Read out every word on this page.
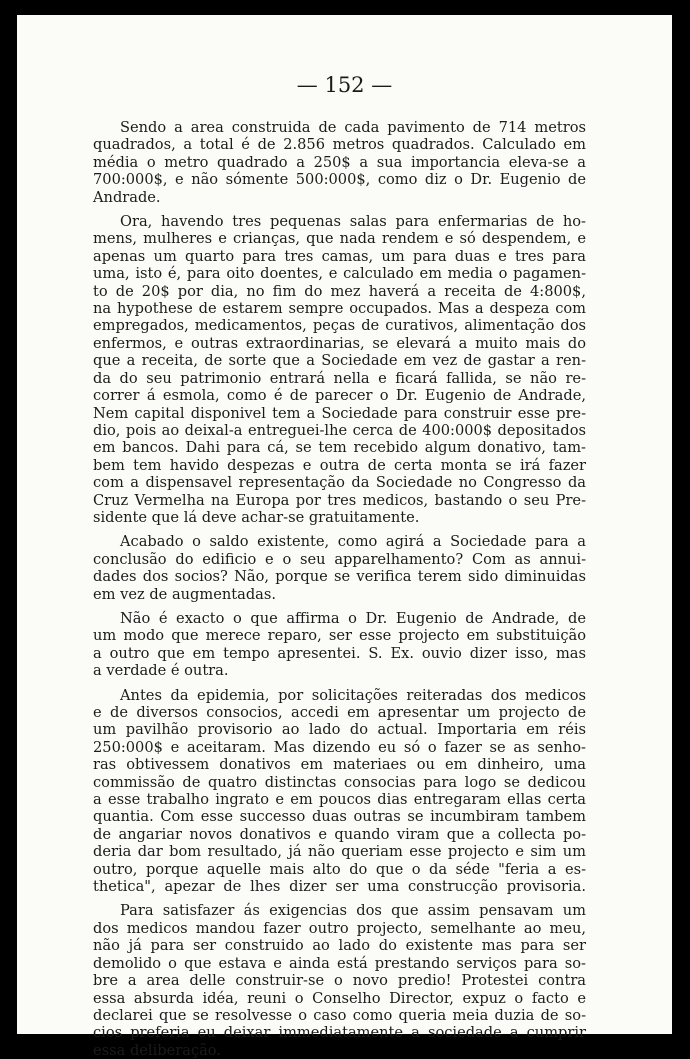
— 152 —
Sendo a area construida de cada pavimento de 714 metros
quadrados, a total é de 2.856 metros quadrados. Calculado em
média o metro quadrado a 250$ a sua importancia eleva-se a
700:000$, e não sómente 500:000$, como diz o Dr. Eugenio de
Andrade.
Ora, havendo tres pequenas salas para enfermarias de ho-
mens, mulheres e crianças, que nada rendem e só despendem, e
apenas um quarto para tres camas, um para duas e tres para
uma, isto é, para oito doentes, e calculado em media o pagamen-
to de 20$ por dia, no fim do mez haverá a receita de 4:800$,
na hypothese de estarem sempre occupados. Mas a despeza com
empregados, medicamentos, peças de curativos, alimentação dos
enfermos, e outras extraordinarias, se elevará a muito mais do
que a receita, de sorte que a Sociedade em vez de gastar a ren-
da do seu patrimonio entrará nella e ficará fallida, se não re-
correr á esmola, como é de parecer o Dr. Eugenio de Andrade,
Nem capital disponivel tem a Sociedade para construir esse pre-
dio, pois ao deixal-a entreguei-lhe cerca de 400:000$ depositados
em bancos. Dahi para cá, se tem recebido algum donativo, tam-
bem tem havido despezas e outra de certa monta se irá fazer
com a dispensavel representação da Sociedade no Congresso da
Cruz Vermelha na Europa por tres medicos, bastando o seu Pre-
sidente que lá deve achar-se gratuitamente.
Acabado o saldo existente, como agirá a Sociedade para a
conclusão do edificio e o seu apparelhamento? Com as annui-
dades dos socios? Não, porque se verifica terem sido diminuidas
em vez de augmentadas.
Não é exacto o que affirma o Dr. Eugenio de Andrade, de
um modo que merece reparo, ser esse projecto em substituição
a outro que em tempo apresentei. S. Ex. ouvio dizer isso, mas
a verdade é outra.
Antes da epidemia, por solicitações reiteradas dos medicos
e de diversos consocios, accedi em apresentar um projecto de
um pavilhão provisorio ao lado do actual. Importaria em réis
250:000$ e aceitaram. Mas dizendo eu só o fazer se as senho-
ras obtivessem donativos em materiaes ou em dinheiro, uma
commissão de quatro distinctas consocias para logo se dedicou
a esse trabalho ingrato e em poucos dias entregaram ellas certa
quantia. Com esse successo duas outras se incumbiram tambem
de angariar novos donativos e quando viram que a collecta po-
deria dar bom resultado, já não queriam esse projecto e sim um
outro, porque aquelle mais alto do que o da séde "feria a es-
thetica", apezar de lhes dizer ser uma construcção provisoria.
Para satisfazer ás exigencias dos que assim pensavam um
dos medicos mandou fazer outro projecto, semelhante ao meu,
não já para ser construido ao lado do existente mas para ser
demolido o que estava e ainda está prestando serviços para so-
bre a area delle construir-se o novo predio! Protestei contra
essa absurda idéa, reuni o Conselho Director, expuz o facto e
declarei que se resolvesse o caso como queria meia duzia de so-
cios preferia eu deixar immediatamente a sociedade a cumprir
essa deliberação.
